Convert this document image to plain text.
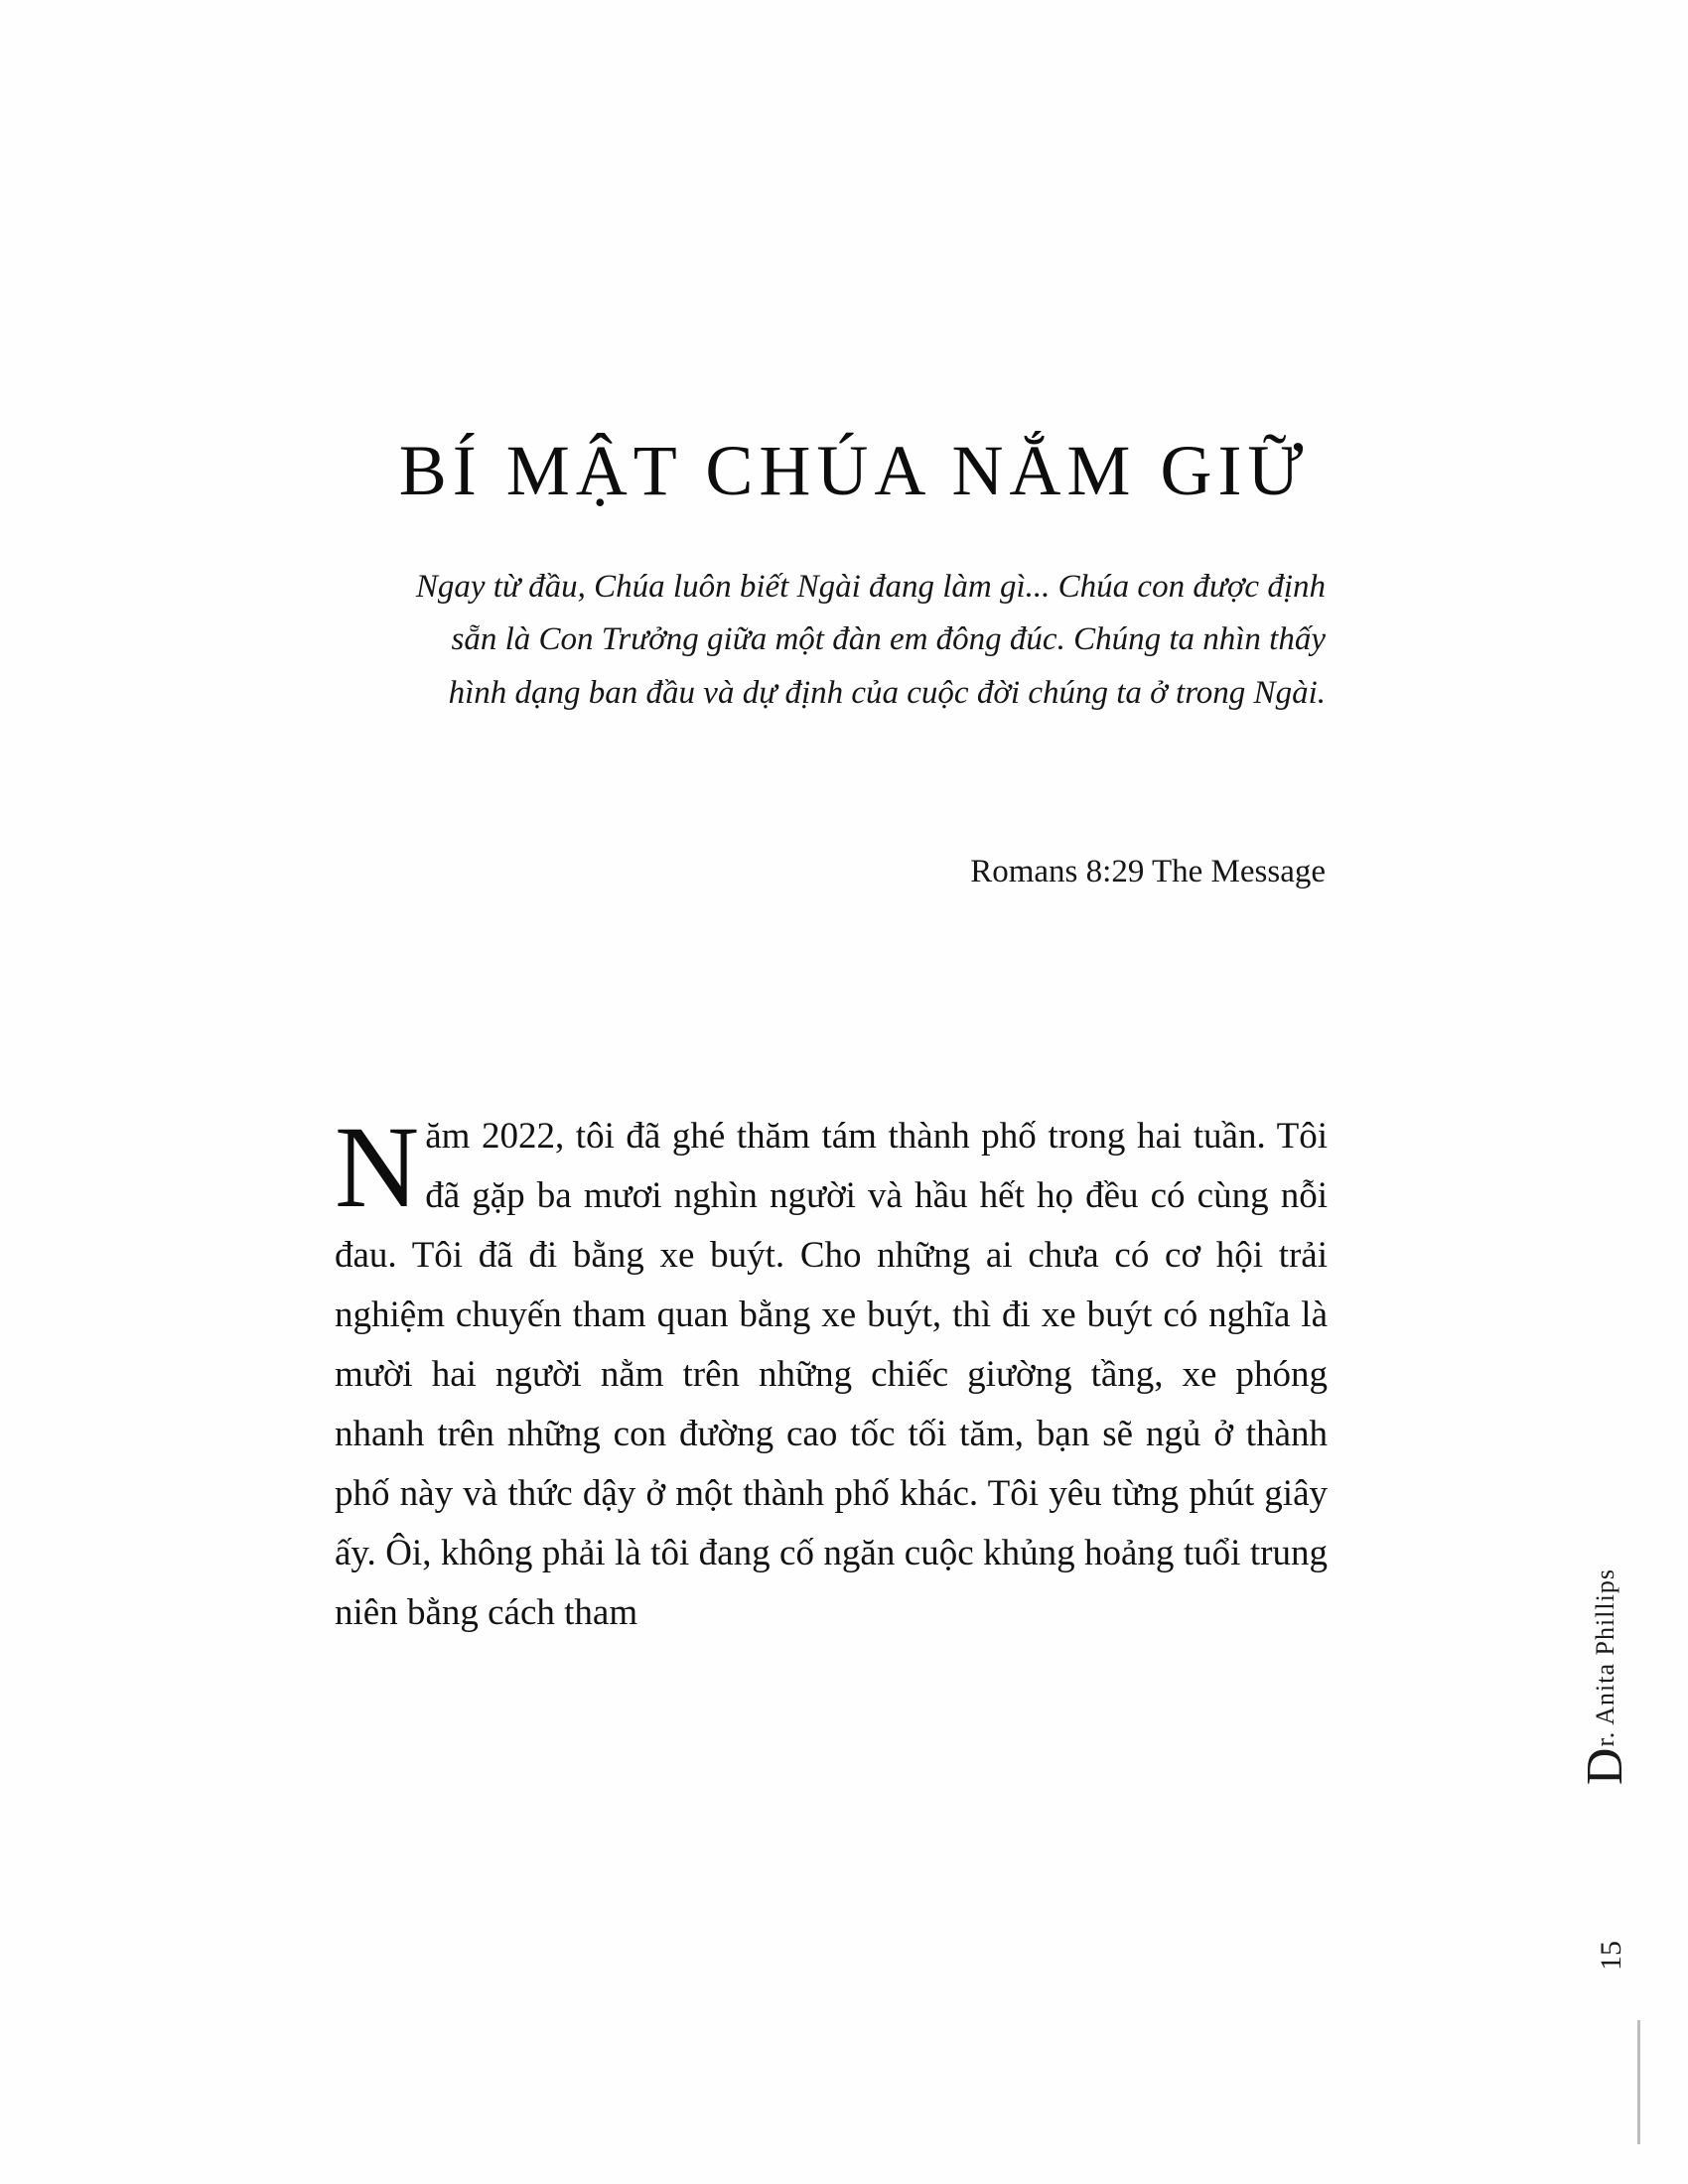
BÍ MẬT CHÚA NẮM GIỮ
Ngay từ đầu, Chúa luôn biết Ngài đang làm gì... Chúa con được định sẵn là Con Trưởng giữa một đàn em đông đúc. Chúng ta nhìn thấy hình dạng ban đầu và dự định của cuộc đời chúng ta ở trong Ngài.
Romans 8:29 The Message
Năm 2022, tôi đã ghé thăm tám thành phố trong hai tuần. Tôi đã gặp ba mươi nghìn người và hầu hết họ đều có cùng nỗi đau. Tôi đã đi bằng xe buýt. Cho những ai chưa có cơ hội trải nghiệm chuyến tham quan bằng xe buýt, thì đi xe buýt có nghĩa là mười hai người nằm trên những chiếc giường tầng, xe phóng nhanh trên những con đường cao tốc tối tăm, bạn sẽ ngủ ở thành phố này và thức dậy ở một thành phố khác. Tôi yêu từng phút giây ấy. Ôi, không phải là tôi đang cố ngăn cuộc khủng hoảng tuổi trung niên bằng cách tham
Dr. Anita Phillips
15
